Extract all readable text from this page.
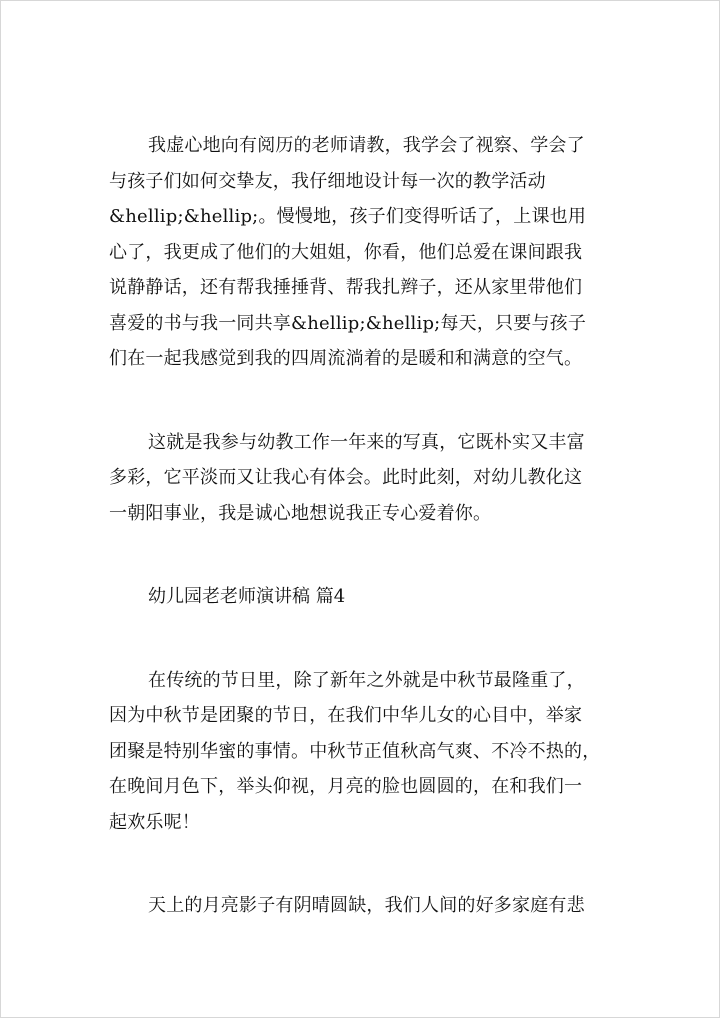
我虚心地向有阅历的老师请教，我学会了视察、学会了
与孩子们如何交挚友，我仔细地设计每一次的教学活动
&hellip;&hellip;。慢慢地，孩子们变得听话了，上课也用
心了，我更成了他们的大姐姐，你看，他们总爱在课间跟我
说静静话，还有帮我捶捶背、帮我扎辫子，还从家里带他们
喜爱的书与我一同共享&hellip;&hellip;每天，只要与孩子
们在一起我感觉到我的四周流淌着的是暖和和满意的空气。

这就是我参与幼教工作一年来的写真，它既朴实又丰富
多彩，它平淡而又让我心有体会。此时此刻，对幼儿教化这
一朝阳事业，我是诚心地想说我正专心爱着你。

幼儿园老老师演讲稿 篇4

在传统的节日里，除了新年之外就是中秋节最隆重了，
因为中秋节是团聚的节日，在我们中华儿女的心目中，举家
团聚是特别华蜜的事情。中秋节正值秋高气爽、不冷不热的，
在晚间月色下，举头仰视，月亮的脸也圆圆的，在和我们一
起欢乐呢！

天上的月亮影子有阴晴圆缺，我们人间的好多家庭有悲
